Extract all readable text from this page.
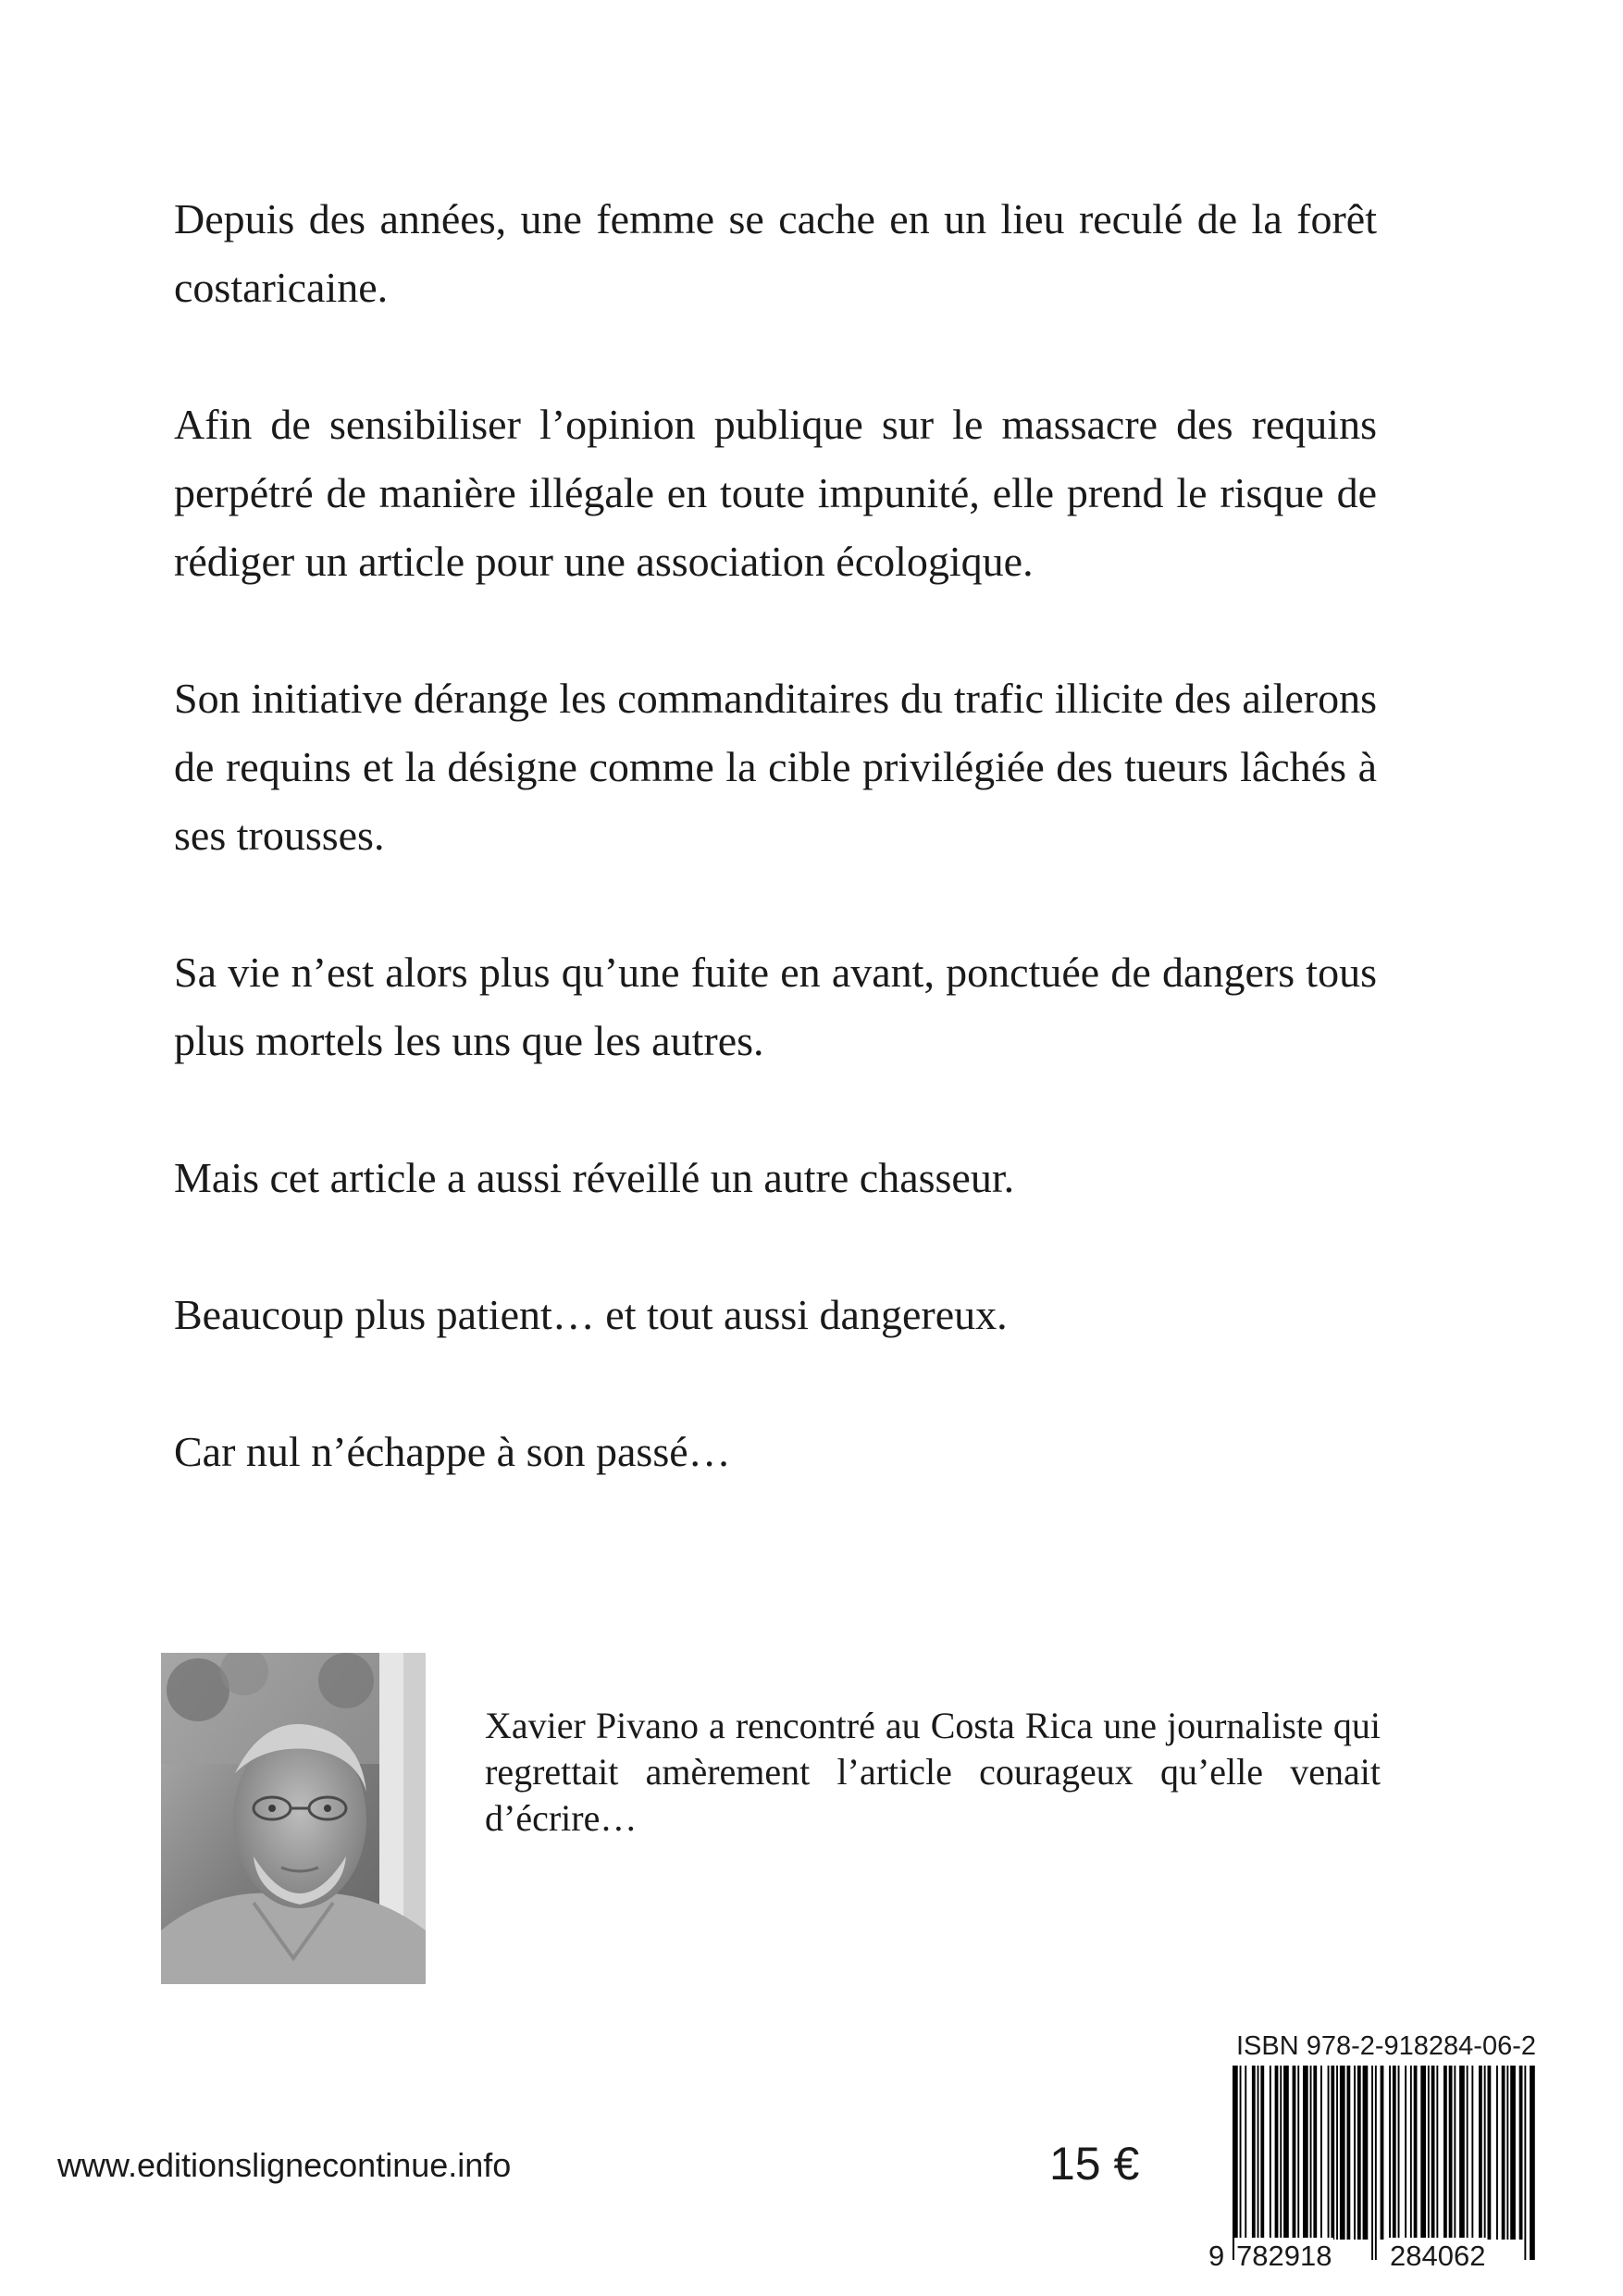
Depuis des années, une femme se cache en un lieu reculé de la forêt costaricaine.

Afin de sensibiliser l’opinion publique sur le massacre des requins perpétré de manière illégale en toute impunité, elle prend le risque de rédiger un article pour une association écologique.

Son initiative dérange les commanditaires du trafic illicite des ailerons de requins et la désigne comme la cible privilégiée des tueurs lâchés à ses trousses.

Sa vie n’est alors plus qu’une fuite en avant, ponctuée de dangers tous plus mortels les uns que les autres.

Mais cet article a aussi réveillé un autre chasseur.

Beaucoup plus patient… et tout aussi dangereux.

Car nul n’échappe à son passé…

Xavier Pivano a rencontré au Costa Rica une journaliste qui regrettait amèrement l’article courageux qu’elle venait d’écrire…
ISBN 978-2-918284-06-2
9 782918 284062
www.editionslignecontinue.info	15 €
